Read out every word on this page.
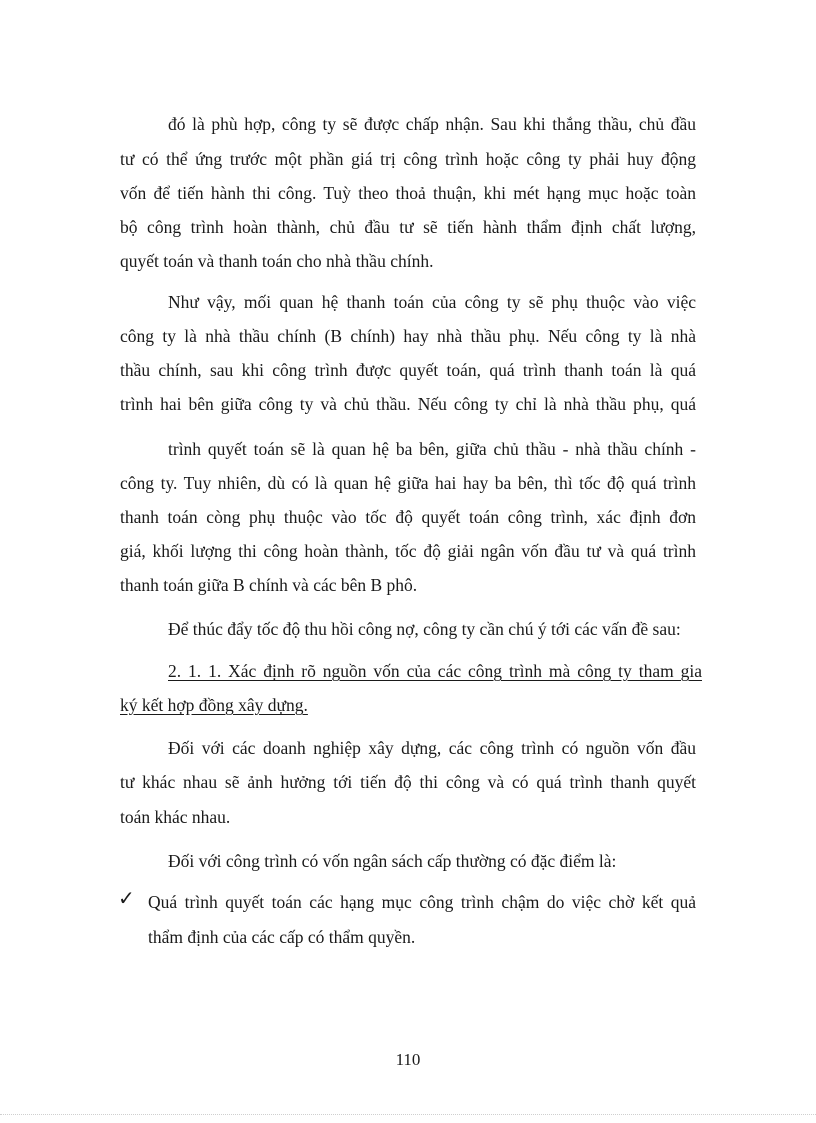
đó là phù hợp, công ty sẽ được chấp nhận. Sau khi thắng thầu, chủ đầu

tư có thể ứng trước một phần giá trị công trình hoặc công ty phải huy động

vốn để tiến hành thi công. Tuỳ theo thoả thuận, khi mét hạng mục hoặc toàn

bộ công trình hoàn thành, chủ đầu tư sẽ tiến hành thẩm định chất lượng,

quyết toán và thanh toán cho nhà thầu chính.

Như vậy, mối quan hệ thanh toán của công ty sẽ phụ thuộc vào việc

công ty là nhà thầu chính (B chính) hay nhà thầu phụ. Nếu công ty là nhà

thầu chính, sau khi công trình được quyết toán, quá trình thanh toán là quá

trình hai bên giữa công ty và chủ thầu. Nếu công ty chỉ là nhà thầu phụ, quá

trình quyết toán sẽ là quan hệ ba bên, giữa chủ thầu - nhà thầu chính -

công ty. Tuy nhiên, dù có là quan hệ giữa hai hay ba bên, thì tốc độ quá trình

thanh toán còng phụ thuộc vào tốc độ quyết toán công trình, xác định đơn

giá, khối lượng thi công hoàn thành, tốc độ giải ngân vốn đầu tư và quá trình

thanh toán giữa B chính và các bên B phô.

Để thúc đẩy tốc độ thu hồi công nợ, công ty cần chú ý tới các vấn đề sau:

2. 1. 1. Xác định rõ nguồn vốn của các công trình mà công ty tham gia

ký kết hợp đồng xây dựng.

Đối với các doanh nghiệp xây dựng, các công trình có nguồn vốn đầu

tư khác nhau sẽ ảnh hưởng tới tiến độ thi công và có quá trình thanh quyết

toán khác nhau.

Đối với công trình có vốn ngân sách cấp thường có đặc điểm là:

✓ Quá trình quyết toán các hạng mục công trình chậm do việc chờ kết quả

thẩm định của các cấp có thẩm quyền.

110
